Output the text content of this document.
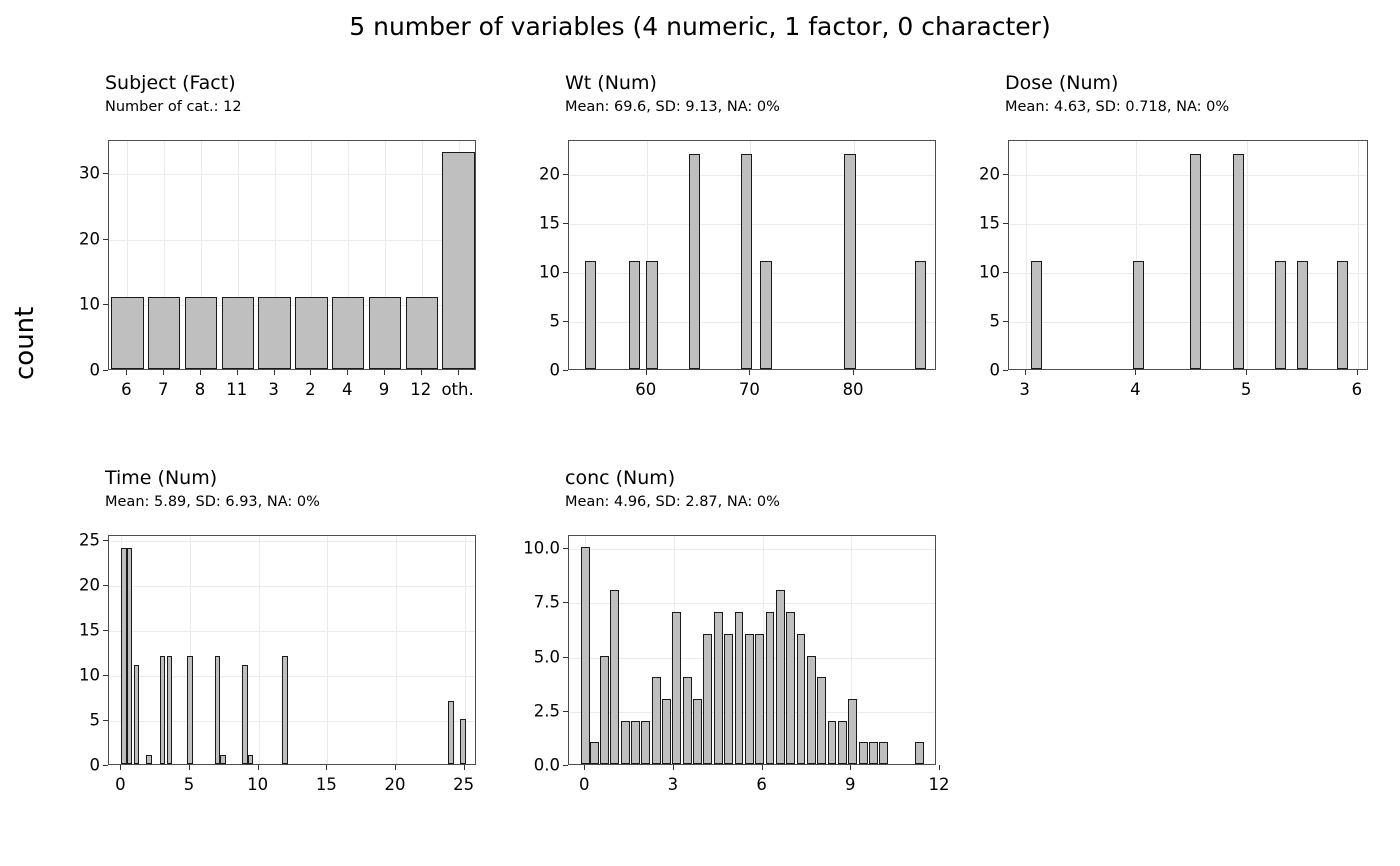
5 number of variables (4 numeric, 1 factor, 0 character)
count
Subject (Fact)
Number of cat.: 12
Wt (Num)
Mean: 69.6, SD: 9.13, NA: 0%
Dose (Num)
Mean: 4.63, SD: 0.718, NA: 0%
Time (Num)
Mean: 5.89, SD: 6.93, NA: 0%
conc (Num)
Mean: 4.96, SD: 2.87, NA: 0%
0
10
20
30
6	7	8	11	3	2	4	9	12 oth.
0
5
10
15
20
60	70	80
0
5
10
15
20
3	4	5	6
0
5
10
15
20
25
0	5	10	15	20	25
0.0
2.5
5.0
7.5
10.0
0	3	6	9	12
